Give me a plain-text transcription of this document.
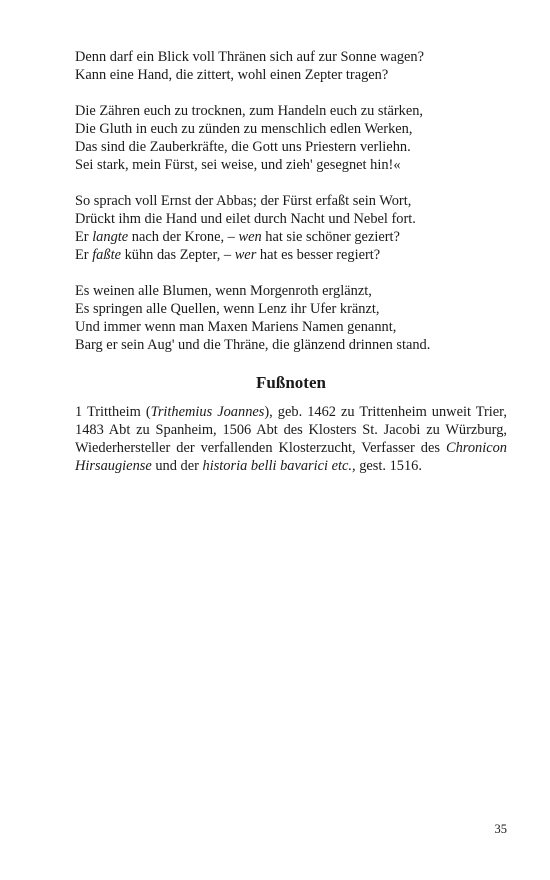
Denn darf ein Blick voll Thränen sich auf zur Sonne wagen?
Kann eine Hand, die zittert, wohl einen Zepter tragen?
Die Zähren euch zu trocknen, zum Handeln euch zu stärken,
Die Gluth in euch zu zünden zu menschlich edlen Werken,
Das sind die Zauberkräfte, die Gott uns Priestern verliehn.
Sei stark, mein Fürst, sei weise, und zieh' gesegnet hin!«
So sprach voll Ernst der Abbas; der Fürst erfaßt sein Wort,
Drückt ihm die Hand und eilet durch Nacht und Nebel fort.
Er langte nach der Krone, – wen hat sie schöner geziert?
Er faßte kühn das Zepter, – wer hat es besser regiert?
Es weinen alle Blumen, wenn Morgenroth erglänzt,
Es springen alle Quellen, wenn Lenz ihr Ufer kränzt,
Und immer wenn man Maxen Mariens Namen genannt,
Barg er sein Aug' und die Thräne, die glänzend drinnen stand.
Fußnoten
1 Trittheim (Trithemius Joannes), geb. 1462 zu Trittenheim unweit Trier, 1483 Abt zu Spanheim, 1506 Abt des Klosters St. Jacobi zu Würzburg, Wiederhersteller der verfallenden Klosterzucht, Verfasser des Chronicon Hirsaugiense und der historia belli bavarici etc., gest. 1516.
35
